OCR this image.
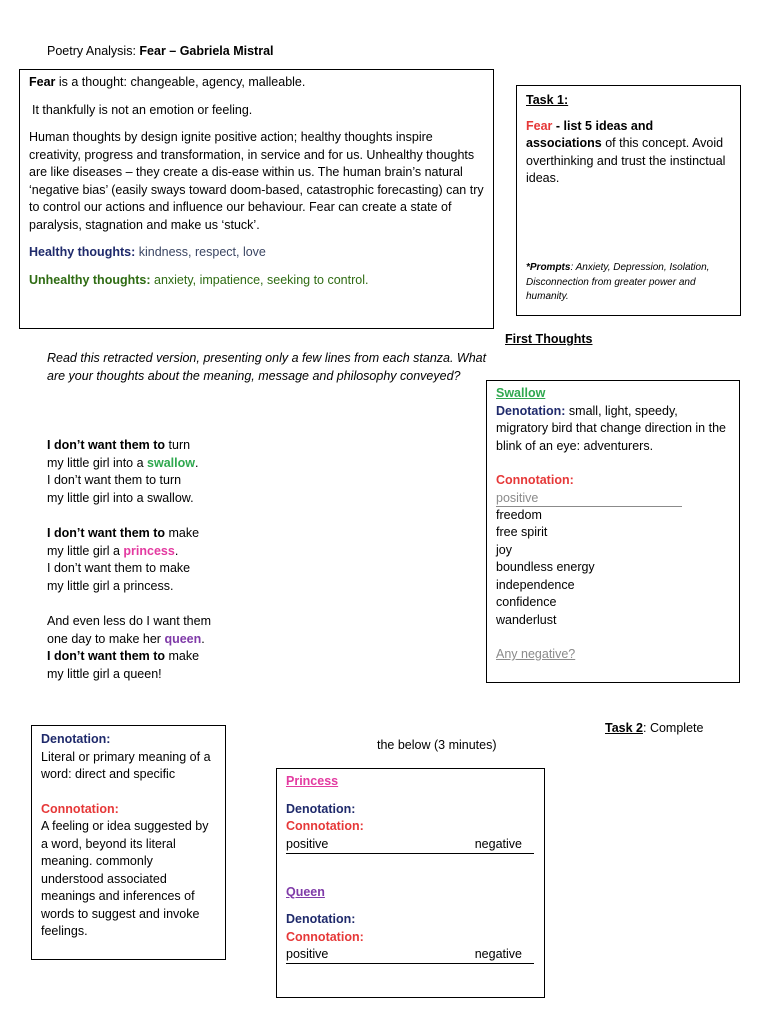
Poetry Analysis: Fear – Gabriela Mistral

Fear is a thought: changeable, agency, malleable.

It thankfully is not an emotion or feeling.

Human thoughts by design ignite positive action; healthy thoughts inspire creativity, progress and transformation, in service and for us. Unhealthy thoughts are like diseases – they create a dis-ease within us. The human brain’s natural ‘negative bias’ (easily sways toward doom-based, catastrophic forecasting) can try to control our actions and influence our behaviour. Fear can create a state of paralysis, stagnation and make us ‘stuck’.

Healthy thoughts: kindness, respect, love

Unhealthy thoughts: anxiety, impatience, seeking to control.

Task 1:

Fear - list 5 ideas and associations of this concept. Avoid overthinking and trust the instinctual ideas.

*Prompts: Anxiety, Depression, Isolation, Disconnection from greater power and humanity.

First Thoughts
Read this retracted version, presenting only a few lines from each stanza. What are your thoughts about the meaning, message and philosophy conveyed?
I don’t want them to turn
my little girl into a swallow.
I don’t want them to turn
my little girl into a swallow.
I don’t want them to make
my little girl a princess.
I don’t want them to make
my little girl a princess.
And even less do I want them
one day to make her queen.
I don’t want them to make
my little girl a queen!

Swallow

Denotation: small, light, speedy, migratory bird that change direction in the blink of an eye: adventurers.

Connotation:

positive

freedom
free spirit
joy
boundless energy
independence
confidence
wanderlust

Any negative?

Denotation:

Literal or primary meaning of a word: direct and specific

Connotation:

A feeling or idea suggested by a word, beyond its literal meaning. commonly understood associated meanings and inferences of words to suggest and invoke feelings.

Task 2: Complete
the below (3 minutes)

Princess

Denotation:

Connotation:

positive	negative

Queen

Denotation:

Connotation:

positive	negative
